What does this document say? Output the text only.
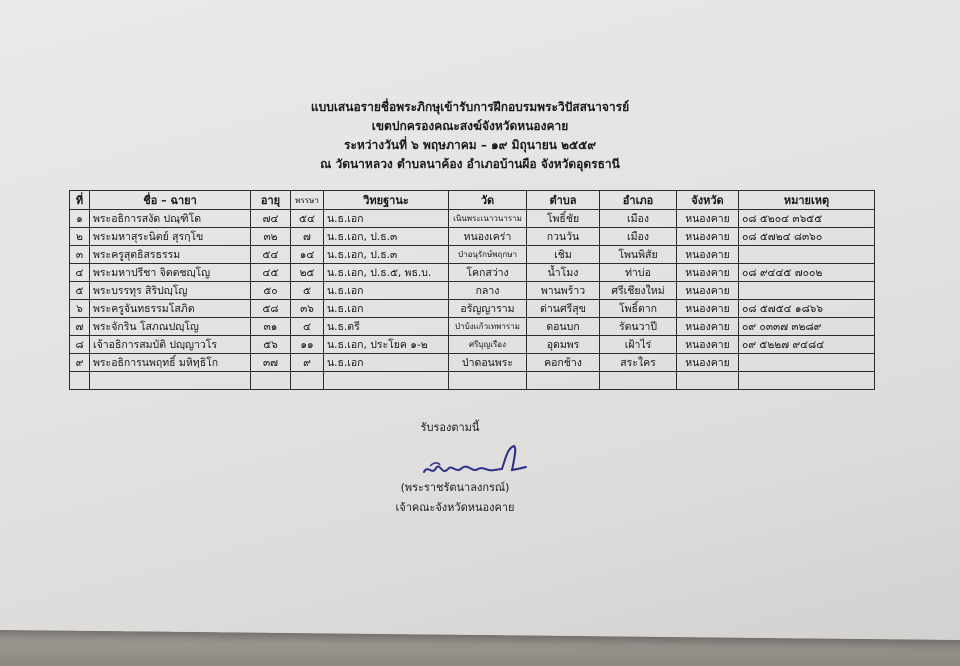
แบบเสนอรายชื่อพระภิกษุเข้ารับการฝึกอบรมพระวิปัสสนาจารย์
เขตปกครองคณะสงฆ์จังหวัดหนองคาย
ระหว่างวันที่ ๖ พฤษภาคม – ๑๙ มิถุนายน ๒๕๕๙
ณ วัดนาหลวง ตำบลนาค้อง อำเภอบ้านผือ จังหวัดอุดรธานี
ที่	ชื่อ – ฉายา	อายุ	พรรษา	วิทยฐานะ	วัด	ตำบล	อำเภอ	จังหวัด	หมายเหตุ
๑	พระอธิการสงัด ปณฺฑิโต	๗๔	๕๔	น.ธ.เอก	เนินพระเนาวนาราม	โพธิ์ชัย	เมือง	หนองคาย	๐๘ ๕๒๐๔ ๓๖๕๕
๒	พระมหาสุระนิตย์ สุรกฺโข	๓๒	๗	น.ธ.เอก, ป.ธ.๓	หนองเคร่า	กวนวัน	เมือง	หนองคาย	๐๘ ๕๗๒๔ ๘๓๖๐
๓	พระครูสุตธิสรธรรม	๕๔	๑๔	น.ธ.เอก, ป.ธ.๓	ป่าอนุรักษ์พฤกษา	เชิม	โพนพิสัย	หนองคาย	
๔	พระมหาปรีชา จิตตชญฺโญ	๔๕	๒๕	น.ธ.เอก, ป.ธ.๕, พธ.บ.	โคกสว่าง	น้ำโมง	ท่าบ่อ	หนองคาย	๐๘ ๙๔๔๕ ๗๐๐๒
๕	พระบรรทุร สิริปญฺโญ	๕๐	๕	น.ธ.เอก	กลาง	พานพร้าว	ศรีเชียงใหม่	หนองคาย	
๖	พระครูจันทธรรมโสภิต	๕๘	๓๖	น.ธ.เอก	อรัญญาราม	ด่านศรีสุข	โพธิ์ตาก	หนองคาย	๐๘ ๕๗๕๔ ๑๘๖๖
๗	พระจักริน โสภณปญฺโญ	๓๑	๔	น.ธ.ตรี	ป่าบ้งแก้วเทพาราม	ดอนบก	รัตนวาปี	หนองคาย	๐๙ ๐๓๓๗ ๓๒๘๙
๘	เจ้าอธิการสมบัติ ปญฺญาวโร	๕๖	๑๑	น.ธ.เอก, ประโยค ๑-๒	ศรีบุญเรือง	อุดมพร	เฝ้าไร่	หนองคาย	๐๙ ๕๒๒๗ ๙๔๘๔
๙	พระอธิการนพฤทธิ์ มหิทฺธิโก	๓๗	๙	น.ธ.เอก	ป่าดอนพระ	คอกช้าง	สระใคร	หนองคาย	

รับรองตามนี้
(พระราชรัตนาลงกรณ์)
เจ้าคณะจังหวัดหนองคาย
